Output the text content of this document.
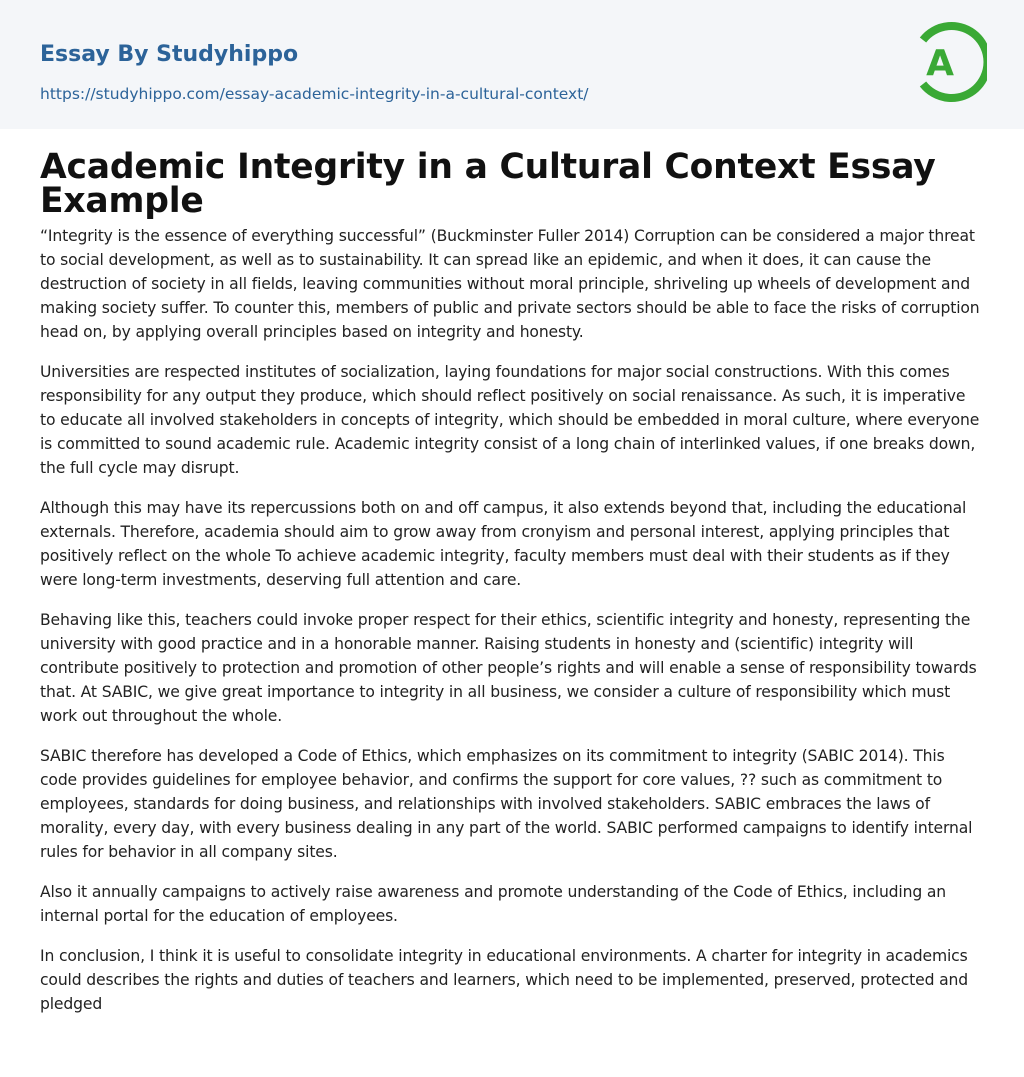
Essay By Studyhippo
https://studyhippo.com/essay-academic-integrity-in-a-cultural-context/
A
Academic Integrity in a Cultural Context Essay Example

“Integrity is the essence of everything successful” (Buckminster Fuller 2014) Corruption can be considered a major threat to social development, as well as to sustainability. It can spread like an epidemic, and when it does, it can cause the destruction of society in all fields, leaving communities without moral principle, shriveling up wheels of development and making society suffer. To counter this, members of public and private sectors should be able to face the risks of corruption head on, by applying overall principles based on integrity and honesty.

Universities are respected institutes of socialization, laying foundations for major social constructions. With this comes responsibility for any output they produce, which should reflect positively on social renaissance. As such, it is imperative to educate all involved stakeholders in concepts of integrity, which should be embedded in moral culture, where everyone is committed to sound academic rule. Academic integrity consist of a long chain of interlinked values, if one breaks down, the full cycle may disrupt.

Although this may have its repercussions both on and off campus, it also extends beyond that, including the educational externals. Therefore, academia should aim to grow away from cronyism and personal interest, applying principles that positively reflect on the whole To achieve academic integrity, faculty members must deal with their students as if they were long-term investments, deserving full attention and care.

Behaving like this, teachers could invoke proper respect for their ethics, scientific integrity and honesty, representing the university with good practice and in a honorable manner. Raising students in honesty and (scientific) integrity will contribute positively to protection and promotion of other people’s rights and will enable a sense of responsibility towards that. At SABIC, we give great importance to integrity in all business, we consider a culture of responsibility which must work out throughout the whole.

SABIC therefore has developed a Code of Ethics, which emphasizes on its commitment to integrity (SABIC 2014). This code provides guidelines for employee behavior, and confirms the support for core values, ?? such as commitment to employees, standards for doing business, and relationships with involved stakeholders. SABIC embraces the laws of morality, every day, with every business dealing in any part of the world. SABIC performed campaigns to identify internal rules for behavior in all company sites.

Also it annually campaigns to actively raise awareness and promote understanding of the Code of Ethics, including an internal portal for the education of employees.

In conclusion, I think it is useful to consolidate integrity in educational environments. A charter for integrity in academics could describes the rights and duties of teachers and learners, which need to be implemented, preserved, protected and pledged
